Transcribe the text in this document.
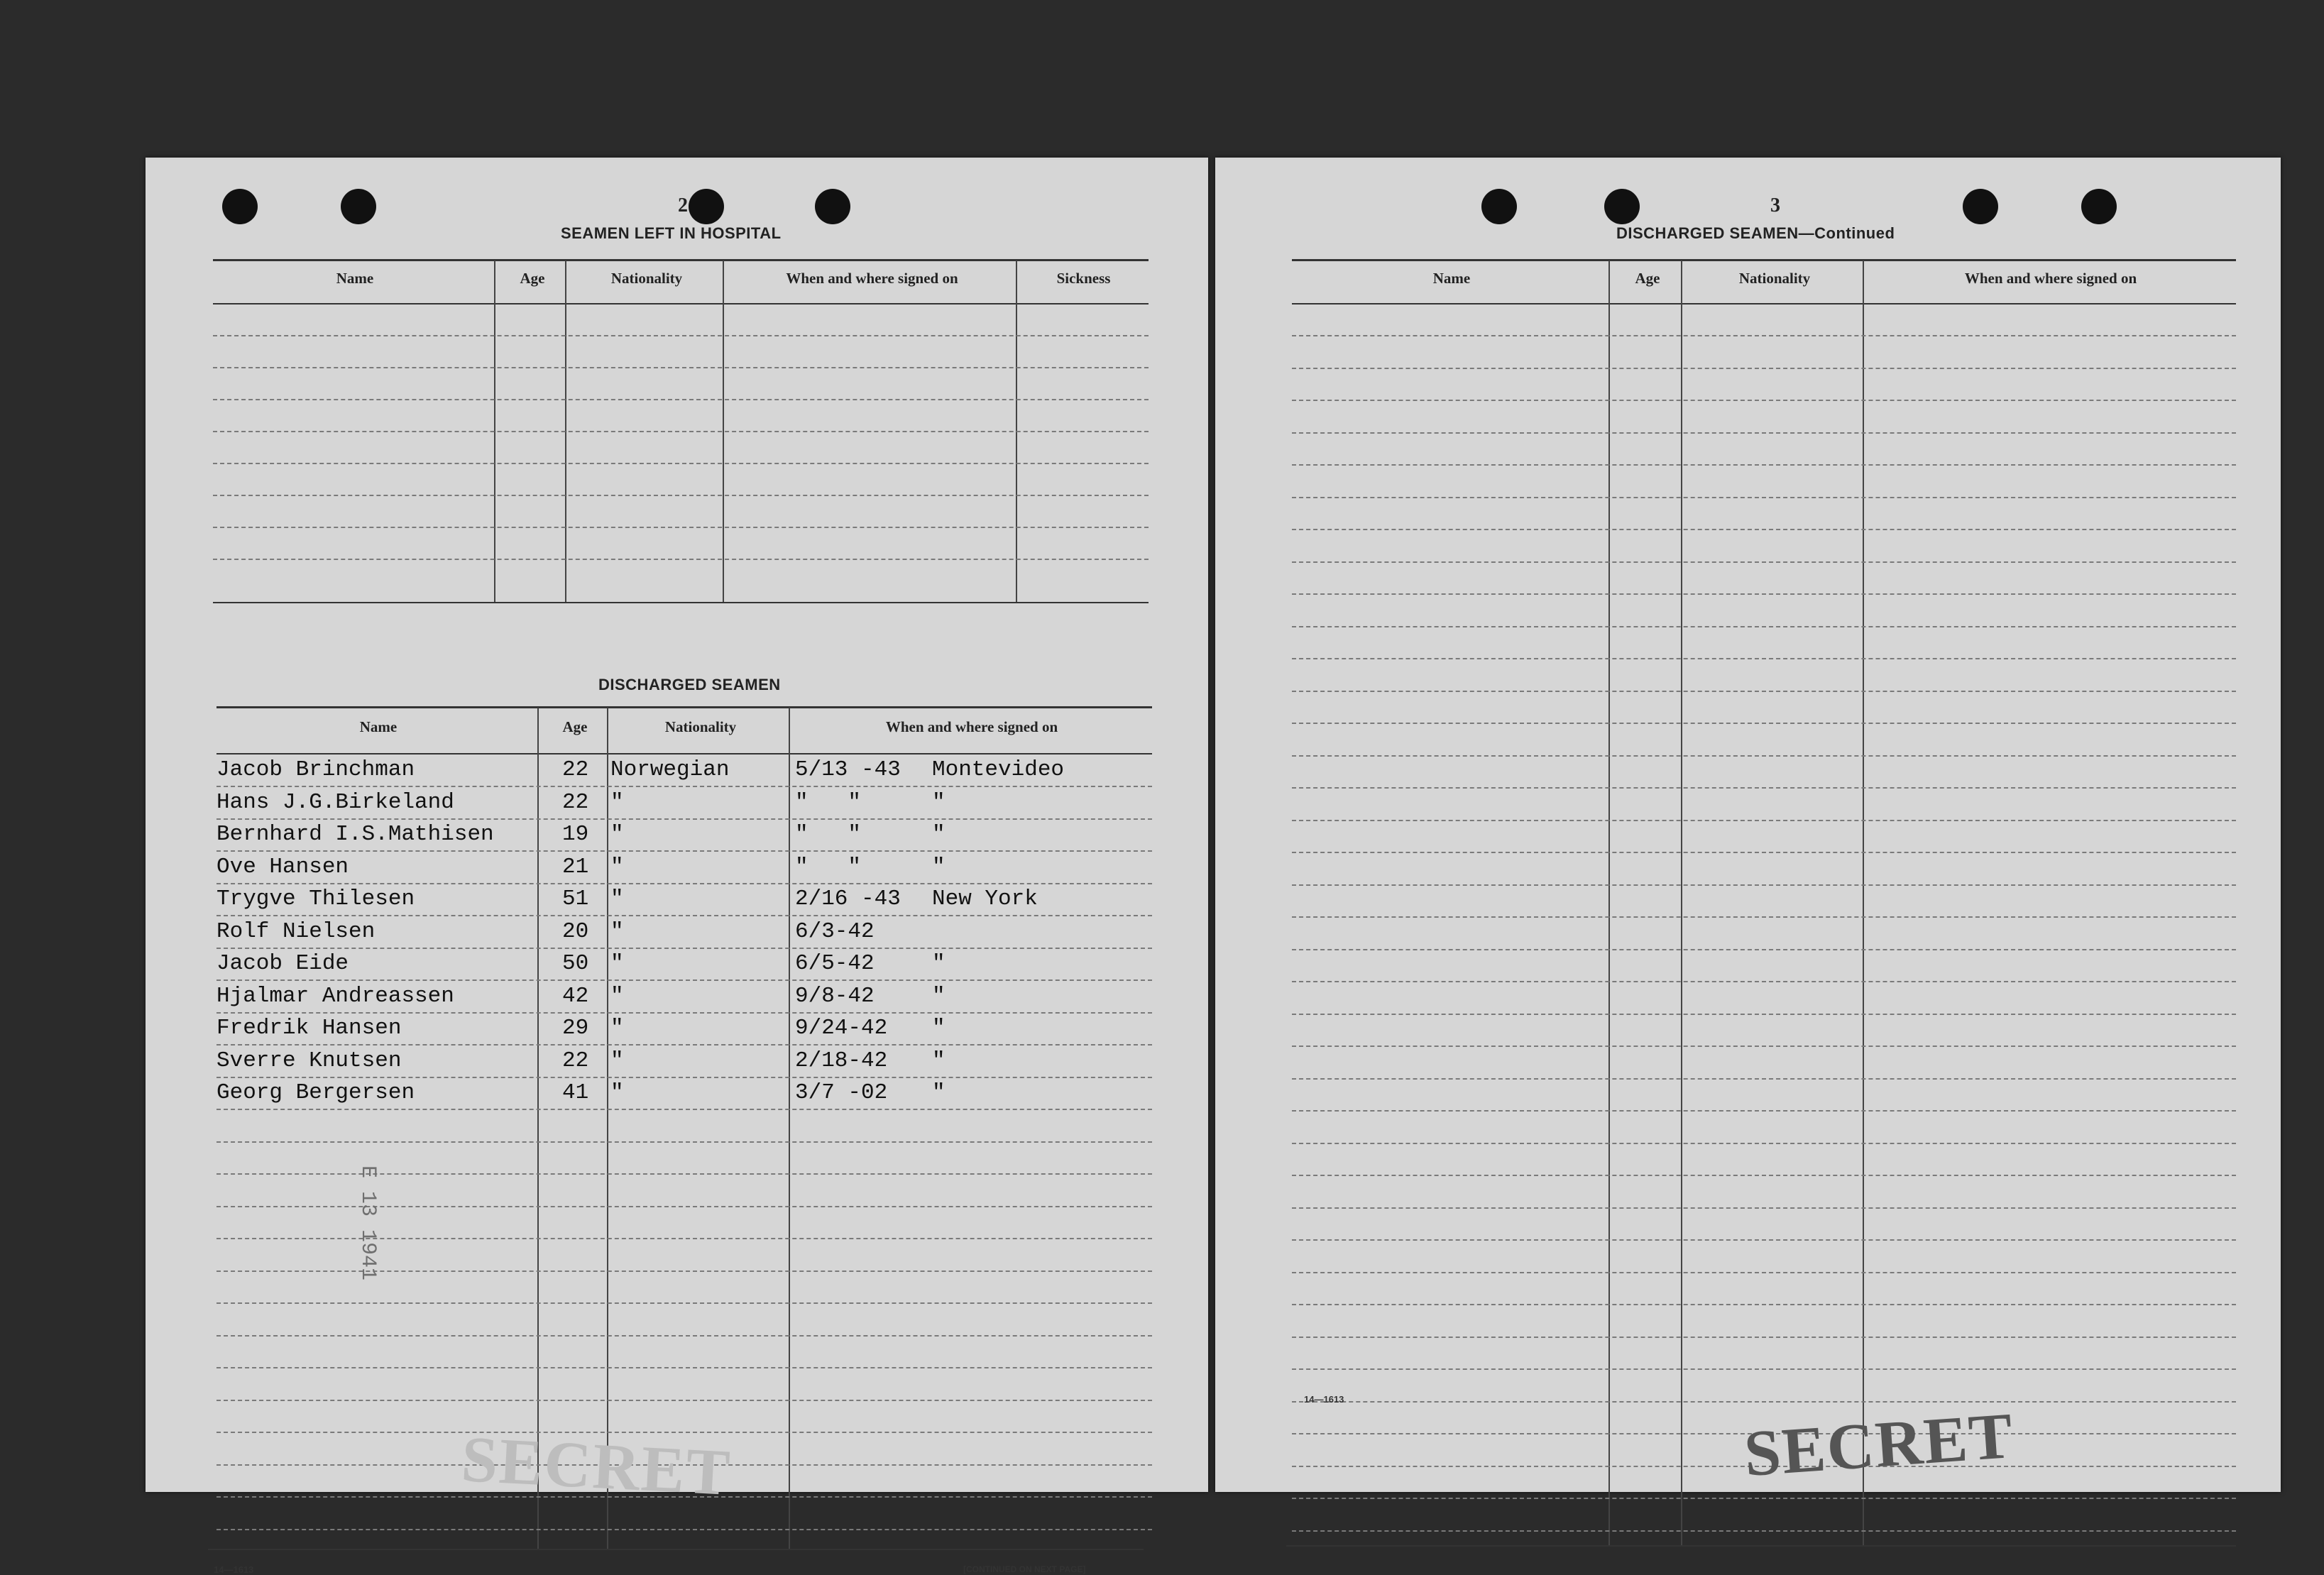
2
SEAMEN LEFT IN HOSPITAL
Name	Age	Nationality	When and where signed on	Sickness
DISCHARGED SEAMEN
Name	Age	Nationality	When and where signed on
Jacob Brinchman	22 Norwegian	5/13 -43 Montevideo
Hans J.G.Birkeland	22 "	"   "	"
Bernhard I.S.Mathisen	19 "	"   "	"
Ove Hansen	21 "	"   "	"
Trygve Thilesen	51 "	2/16 -43 New York
Rolf Nielsen	20 "	6/3-42
Jacob Eide	50 "	6/5-42	"
Hjalmar Andreassen	42 "	9/8-42	"
Fredrik Hansen	29 "	9/24-42 "
Sverre Knutsen	22 "	2/18-42 "
Georg Bergersen	41 "	3/7 -02 "
E 13 1941
14—1613	[CONTINUED ON NEXT PAGE]
SECRET
3
DISCHARGED SEAMEN—Continued
Name	Age	Nationality	When and where signed on
14—1613	SECRET
